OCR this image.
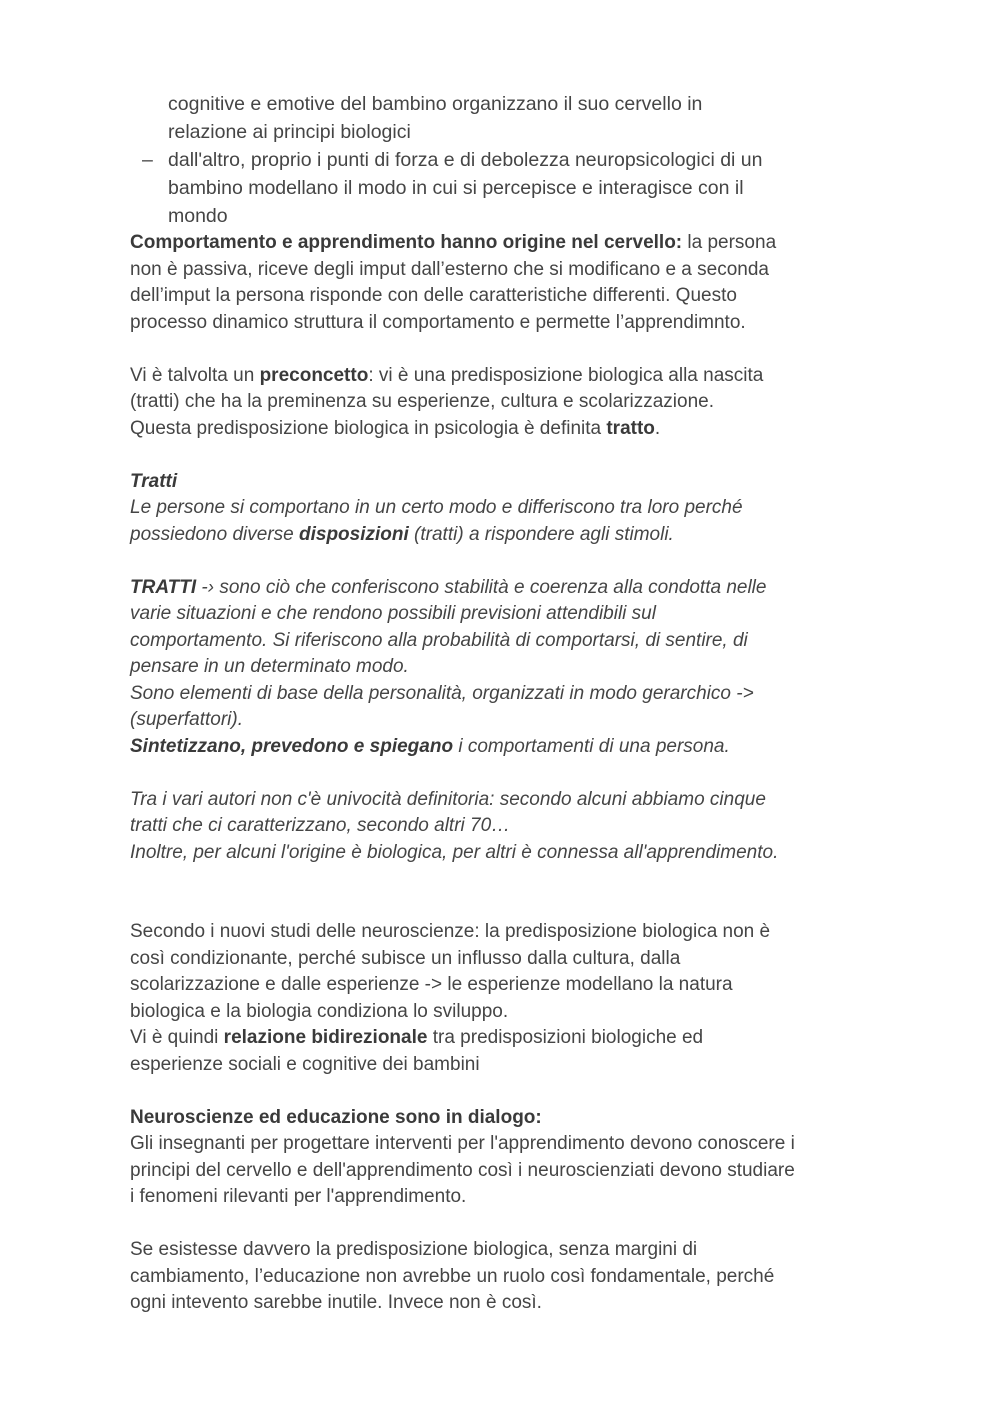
cognitive e emotive del bambino organizzano il suo cervello in
relazione ai principi biologici
– dall'altro, proprio i punti di forza e di debolezza neuropsicologici di un
bambino modellano il modo in cui si percepisce e interagisce con il
mondo
Comportamento e apprendimento hanno origine nel cervello: la persona
non è passiva, riceve degli imput dall’esterno che si modificano e a seconda
dell’imput la persona risponde con delle caratteristiche differenti. Questo
processo dinamico struttura il comportamento e permette l’apprendimnto.
Vi è talvolta un preconcetto: vi è una predisposizione biologica alla nascita
(tratti) che ha la preminenza su esperienze, cultura e scolarizzazione.
Questa predisposizione biologica in psicologia è definita tratto.
Tratti
Le persone si comportano in un certo modo e differiscono tra loro perché
possiedono diverse disposizioni (tratti) a rispondere agli stimoli.
TRATTI -› sono ciò che conferiscono stabilità e coerenza alla condotta nelle
varie situazioni e che rendono possibili previsioni attendibili sul
comportamento. Si riferiscono alla probabilità di comportarsi, di sentire, di
pensare in un determinato modo.
Sono elementi di base della personalità, organizzati in modo gerarchico ->
(superfattori).
Sintetizzano, prevedono e spiegano i comportamenti di una persona.
Tra i vari autori non c'è univocità definitoria: secondo alcuni abbiamo cinque
tratti che ci caratterizzano, secondo altri 70…
Inoltre, per alcuni l'origine è biologica, per altri è connessa all'apprendimento.
Secondo i nuovi studi delle neuroscienze: la predisposizione biologica non è
così condizionante, perché subisce un influsso dalla cultura, dalla
scolarizzazione e dalle esperienze -> le esperienze modellano la natura
biologica e la biologia condiziona lo sviluppo.
Vi è quindi relazione bidirezionale tra predisposizioni biologiche ed
esperienze sociali e cognitive dei bambini
Neuroscienze ed educazione sono in dialogo:
Gli insegnanti per progettare interventi per l'apprendimento devono conoscere i
principi del cervello e dell'apprendimento così i neuroscienziati devono studiare
i fenomeni rilevanti per l'apprendimento.
Se esistesse davvero la predisposizione biologica, senza margini di
cambiamento, l’educazione non avrebbe un ruolo così fondamentale, perché
ogni intevento sarebbe inutile. Invece non è così.
